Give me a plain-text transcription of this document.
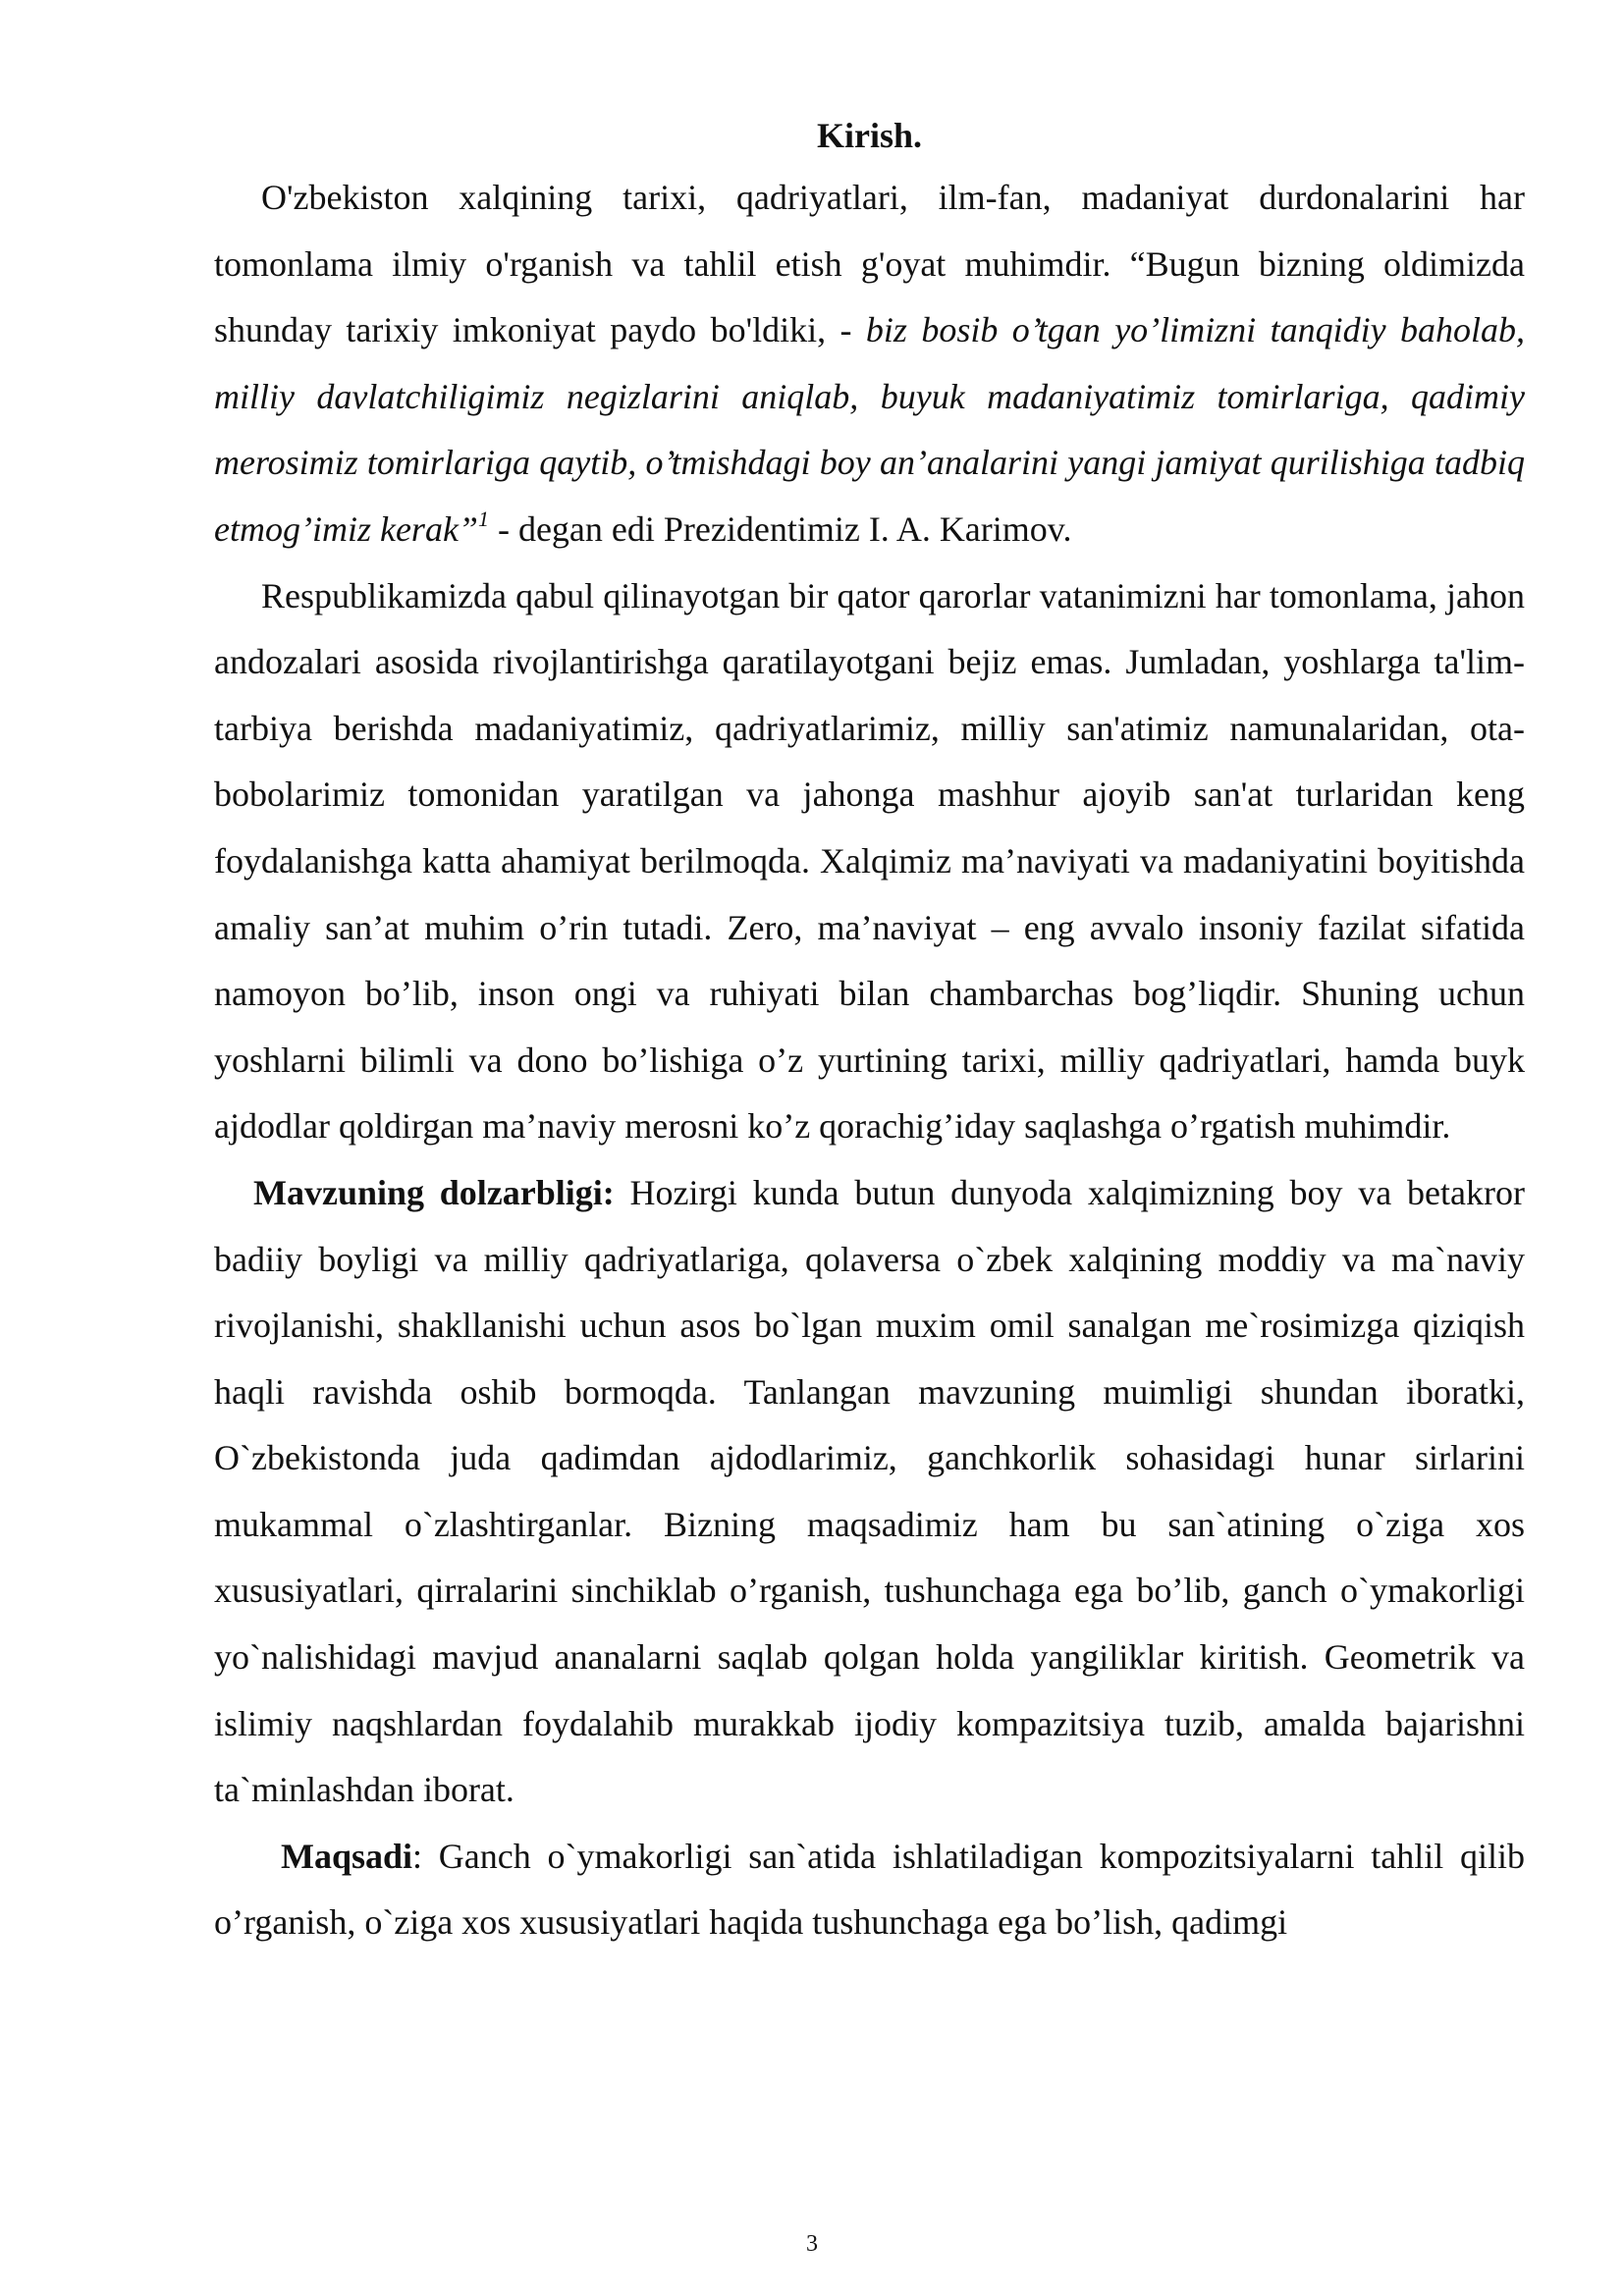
Kirish.

O'zbekiston xalqining tarixi, qadriyatlari, ilm-fan, madaniyat durdonalarini har tomonlama ilmiy o'rganish va tahlil etish g'oyat muhimdir. “Bugun bizning oldimizda shunday tarixiy imkoniyat paydo bo'ldiki, - biz bosib o’tgan yo’limizni tanqidiy baholab, milliy davlatchiligimiz negizlarini aniqlab, buyuk madaniyatimiz tomirlariga, qadimiy merosimiz tomirlariga qaytib, o’tmishdagi boy an’analarini yangi jamiyat qurilishiga tadbiq etmog’imiz kerak”$^1$ - degan edi Prezidentimiz I. A. Karimov.

Respublikamizda qabul qilinayotgan bir qator qarorlar vatanimizni har tomonlama, jahon andozalari asosida rivojlantirishga qaratilayotgani bejiz emas. Jumladan, yoshlarga ta'lim-tarbiya berishda madaniyatimiz, qadriyatlarimiz, milliy san'atimiz namunalaridan, ota-bobolarimiz tomonidan yaratilgan va jahonga mashhur ajoyib san'at turlaridan keng foydalanishga katta ahamiyat berilmoqda. Xalqimiz ma’naviyati va madaniyatini boyitishda amaliy san’at muhim o’rin tutadi. Zero, ma’naviyat – eng avvalo insoniy fazilat sifatida namoyon bo’lib, inson ongi va ruhiyati bilan chambarchas bog’liqdir. Shuning uchun yoshlarni bilimli va dono bo’lishiga o’z yurtining tarixi, milliy qadriyatlari, hamda buyk ajdodlar qoldirgan ma’naviy merosni ko’z qorachig’iday saqlashga o’rgatish muhimdir.

Mavzuning dolzarbligi: Hozirgi kunda butun dunyoda xalqimizning boy va betakror badiiy boyligi va milliy qadriyatlariga, qolaversa o`zbek xalqining moddiy va ma`naviy rivojlanishi, shakllanishi uchun asos bo`lgan muxim omil sanalgan me`rosimizga qiziqish haqli ravishda oshib bormoqda. Tanlangan mavzuning muimligi shundan iboratki, O`zbekistonda juda qadimdan ajdodlarimiz, ganchkorlik sohasidagi hunar sirlarini mukammal o`zlashtirganlar. Bizning maqsadimiz ham bu san`atining o`ziga xos xususiyatlari, qirralarini sinchiklab o’rganish, tushunchaga ega bo’lib, ganch o`ymakorligi yo`nalishidagi mavjud ananalarni saqlab qolgan holda yangiliklar kiritish. Geometrik va islimiy naqshlardan foydalahib murakkab ijodiy kompazitsiya tuzib, amalda bajarishni ta`minlashdan iborat.

Maqsadi: Ganch o`ymakorligi san`atida ishlatiladigan kompozitsiyalarni tahlil qilib o’rganish, o`ziga xos xususiyatlari haqida tushunchaga ega bo’lish, qadimgi

3
